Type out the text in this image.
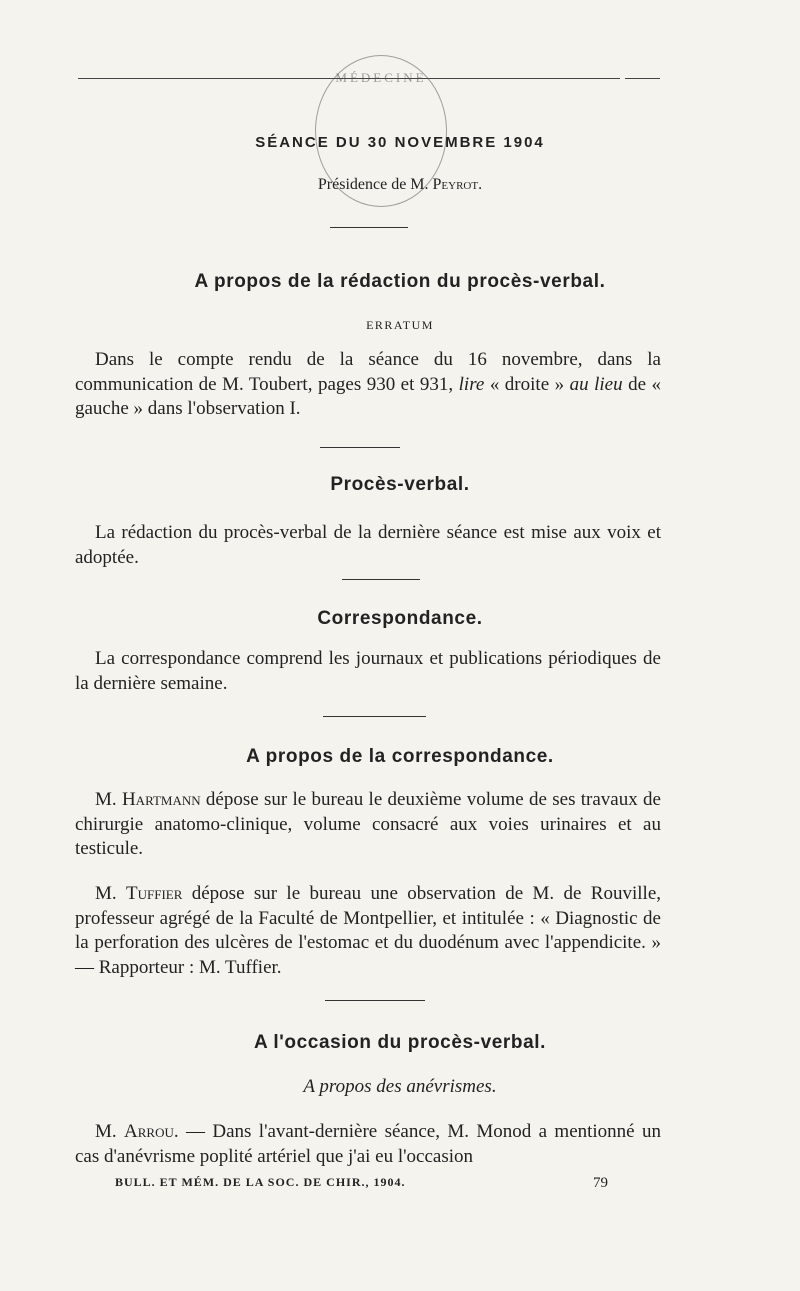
MÉDECINE
SÉANCE DU 30 NOVEMBRE 1904
Présidence de M. Peyrot.
A propos de la rédaction du procès-verbal.
ERRATUM

Dans le compte rendu de la séance du 16 novembre, dans la communication de M. Toubert, pages 930 et 931, lire « droite » au lieu de « gauche » dans l'observation I.

Procès-verbal.

La rédaction du procès-verbal de la dernière séance est mise aux voix et adoptée.

Correspondance.

La correspondance comprend les journaux et publications périodiques de la dernière semaine.

A propos de la correspondance.

M. Hartmann dépose sur le bureau le deuxième volume de ses travaux de chirurgie anatomo-clinique, volume consacré aux voies urinaires et au testicule.

M. Tuffier dépose sur le bureau une observation de M. de Rouville, professeur agrégé de la Faculté de Montpellier, et intitulée : « Diagnostic de la perforation des ulcères de l'estomac et du duodénum avec l'appendicite. » — Rapporteur : M. Tuffier.

A l'occasion du procès-verbal.
A propos des anévrismes.

M. Arrou. — Dans l'avant-dernière séance, M. Monod a mentionné un cas d'anévrisme poplité artériel que j'ai eu l'occasion

BULL. ET MÉM. DE LA SOC. DE CHIR., 1904.	79
